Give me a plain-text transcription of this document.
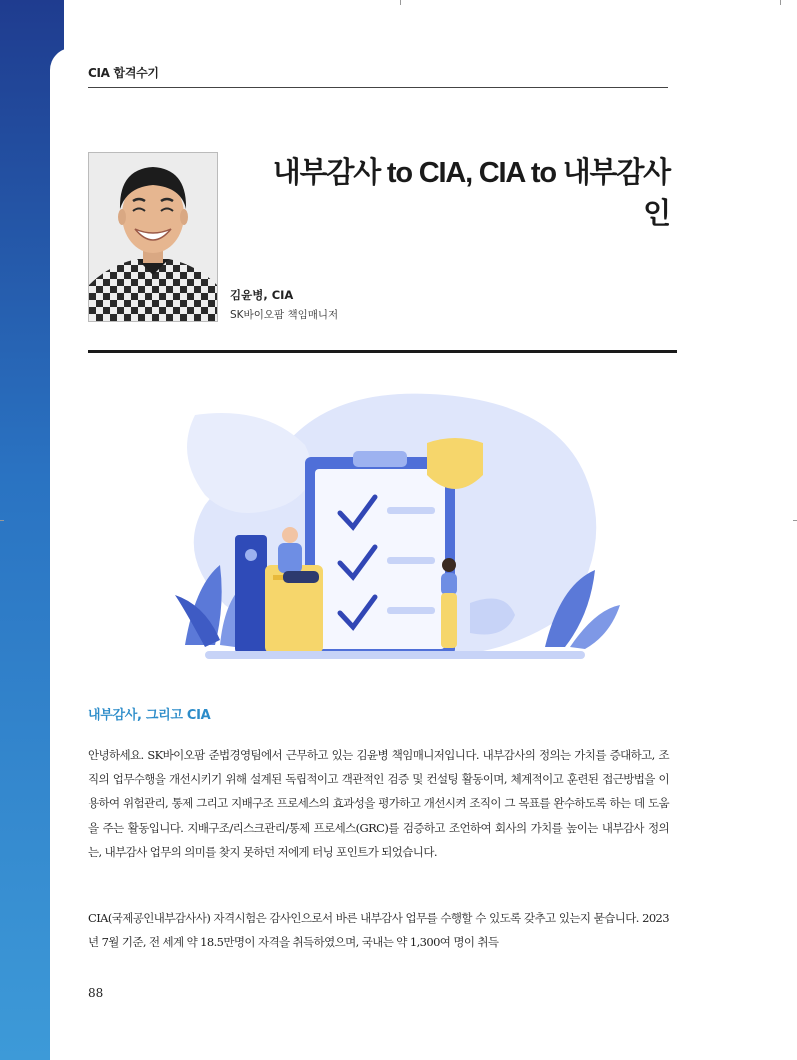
CIA 합격수기
내부감사 to CIA, CIA to 내부감사인
김윤병, CIA
SK바이오팜 책임매니저
내부감사, 그리고 CIA

안녕하세요. SK바이오팜 준법경영팀에서 근무하고 있는 김윤병 책임매니저입니다. 내부감사의 정의는 가치를 증대하고, 조직의 업무수행을 개선시키기 위해 설계된 독립적이고 객관적인 검증 및 컨설팅 활동이며, 체계적이고 훈련된 접근방법을 이용하여 위험관리, 통제 그리고 지배구조 프로세스의 효과성을 평가하고 개선시켜 조직이 그 목표를 완수하도록 하는 데 도움을 주는 활동입니다. 지배구조/리스크관리/통제 프로세스(GRC)를 검증하고 조언하여 회사의 가치를 높이는 내부감사 정의는, 내부감사 업무의 의미를 찾지 못하던 저에게 터닝 포인트가 되었습니다.

CIA(국제공인내부감사사) 자격시험은 감사인으로서 바른 내부감사 업무를 수행할 수 있도록 갖추고 있는지 묻습니다. 2023년 7월 기준, 전 세계 약 18.5만명이 자격을 취득하였으며, 국내는 약 1,300여 명이 취득

88
